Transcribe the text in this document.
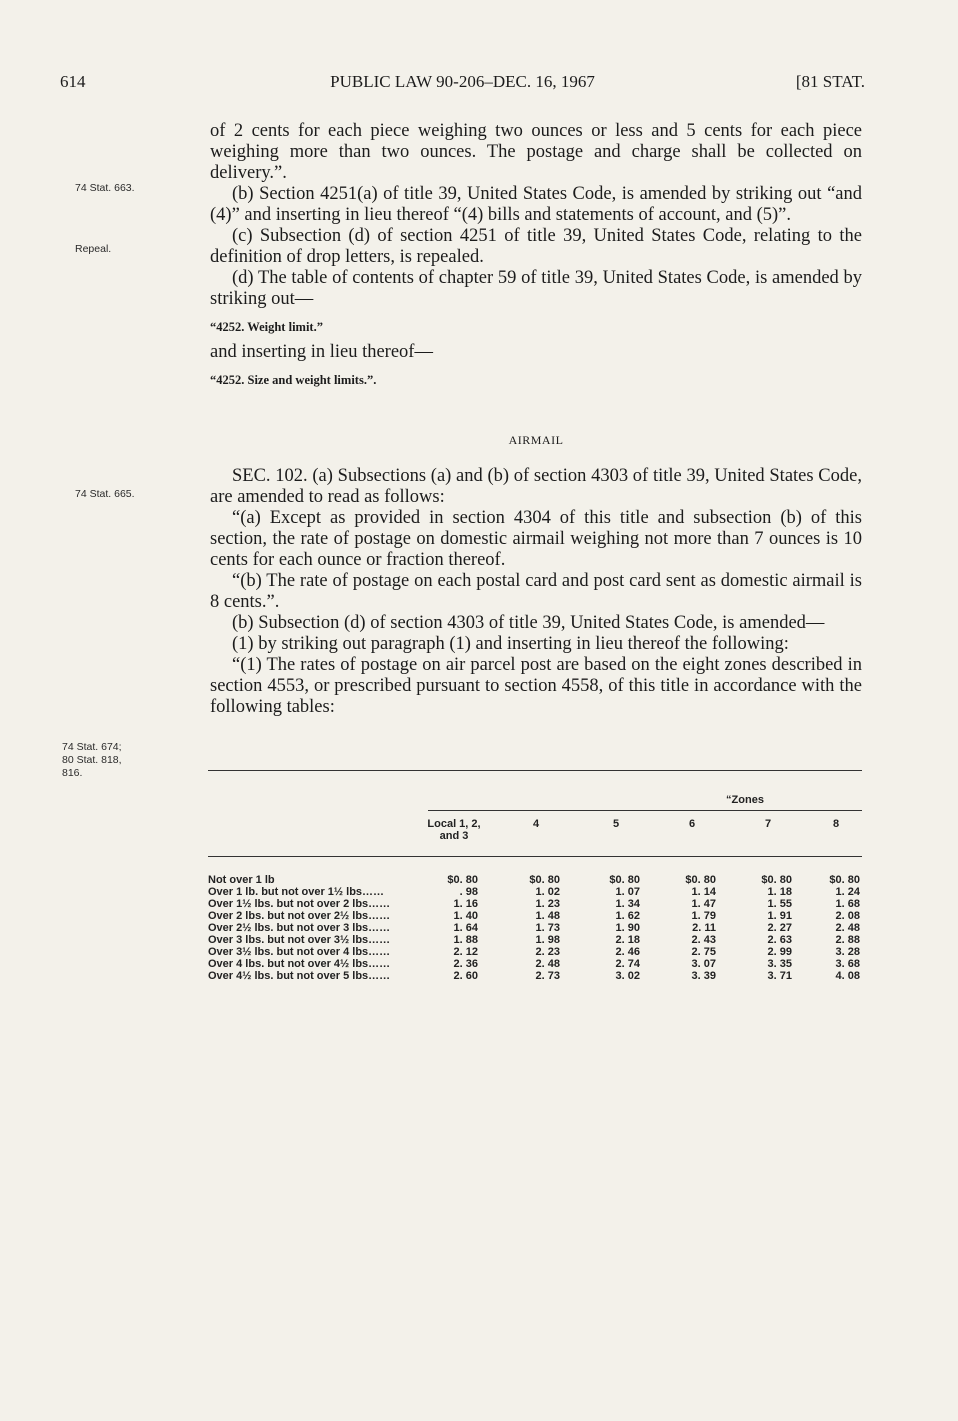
614	PUBLIC LAW 90-206–DEC. 16, 1967	[81 STAT.
74 Stat. 663.
Repeal.
74 Stat. 665.
74 Stat. 674;
80 Stat. 818,
816.

of 2 cents for each piece weighing two ounces or less and 5 cents for each piece weighing more than two ounces. The postage and charge shall be collected on delivery.”.

(b) Section 4251(a) of title 39, United States Code, is amended by striking out “and (4)” and inserting in lieu thereof “(4) bills and statements of account, and (5)”.

(c) Subsection (d) of section 4251 of title 39, United States Code, relating to the definition of drop letters, is repealed.

(d) The table of contents of chapter 59 of title 39, United States Code, is amended by striking out—

“4252. Weight limit.”

and inserting in lieu thereof—

“4252. Size and weight limits.”.

AIRMAIL

SEC. 102. (a) Subsections (a) and (b) of section 4303 of title 39, United States Code, are amended to read as follows:

“(a) Except as provided in section 4304 of this title and subsection (b) of this section, the rate of postage on domestic airmail weighing not more than 7 ounces is 10 cents for each ounce or fraction thereof.

“(b) The rate of postage on each postal card and post card sent as domestic airmail is 8 cents.”.

(b) Subsection (d) of section 4303 of title 39, United States Code, is amended—

(1) by striking out paragraph (1) and inserting in lieu thereof the following:

“(1) The rates of postage on air parcel post are based on the eight zones described in section 4553, or prescribed pursuant to section 4558, of this title in accordance with the following tables:

“Zones
Local 1, 2,
and 3
4	5	6	7	8
Not over 1 lb	$0. 80	$0. 80	$0. 80	$0. 80	$0. 80	$0. 80
Over 1 lb. but not over 1½ lbs……	. 98	1. 02	1. 07	1. 14	1. 18	1. 24
Over 1½ lbs. but not over 2 lbs……	1. 16	1. 23	1. 34	1. 47	1. 55	1. 68
Over 2 lbs. but not over 2½ lbs……	1. 40	1. 48	1. 62	1. 79	1. 91	2. 08
Over 2½ lbs. but not over 3 lbs……	1. 64	1. 73	1. 90	2. 11	2. 27	2. 48
Over 3 lbs. but not over 3½ lbs……	1. 88	1. 98	2. 18	2. 43	2. 63	2. 88
Over 3½ lbs. but not over 4 lbs……	2. 12	2. 23	2. 46	2. 75	2. 99	3. 28
Over 4 lbs. but not over 4½ lbs……	2. 36	2. 48	2. 74	3. 07	3. 35	3. 68
Over 4½ lbs. but not over 5 lbs……	2. 60	2. 73	3. 02	3. 39	3. 71	4. 08
